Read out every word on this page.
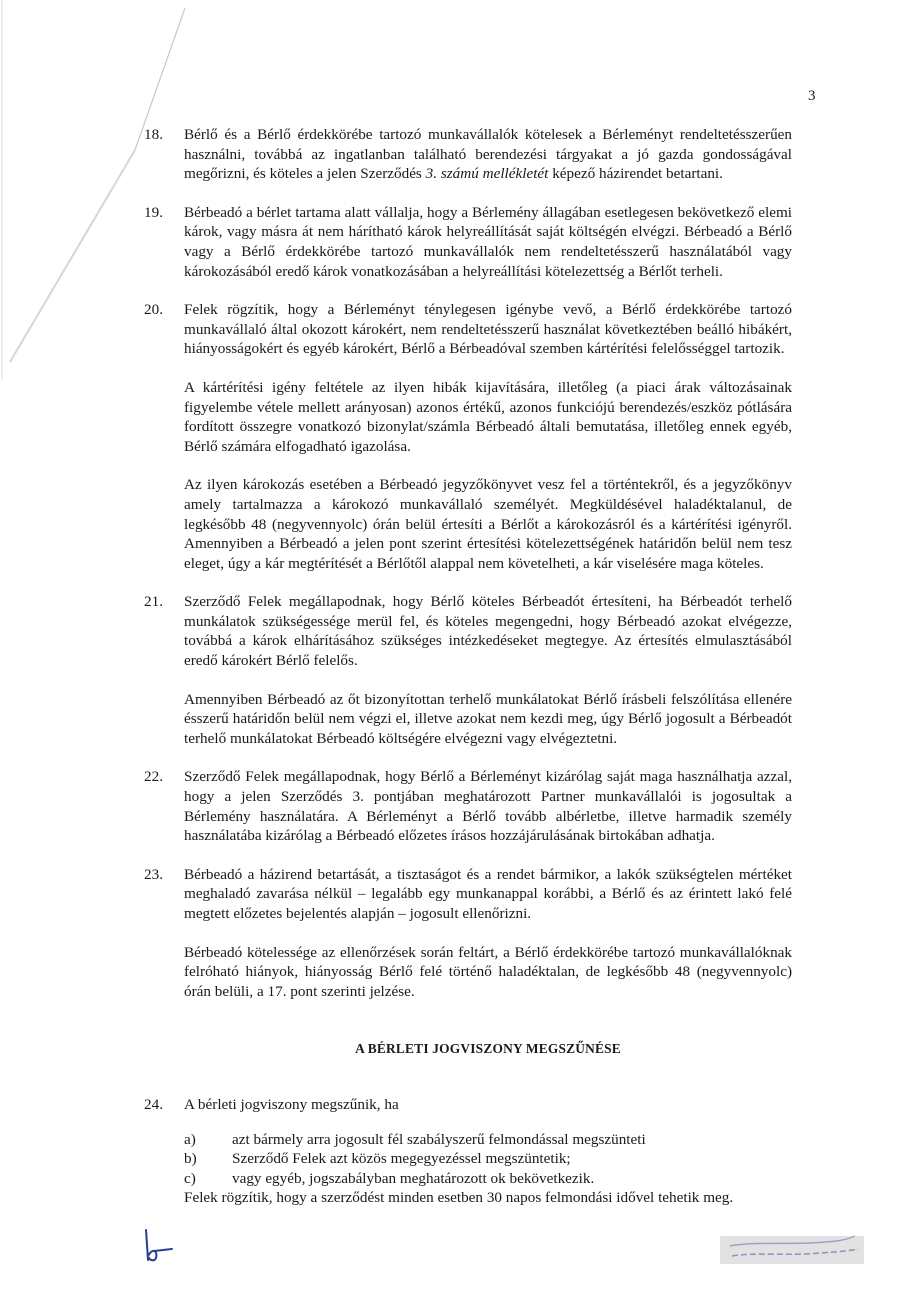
3
18.	Bérlő és a Bérlő érdekkörébe tartozó munkavállalók kötelesek a Bérleményt rendeltetésszerűen használni, továbbá az ingatlanban található berendezési tárgyakat a jó gazda gondosságával megőrizni, és köteles a jelen Szerződés 3. számú mellékletét képező házirendet betartani.

19.	Bérbeadó a bérlet tartama alatt vállalja, hogy a Bérlemény állagában esetlegesen bekövetkező elemi károk, vagy másra át nem hárítható károk helyreállítását saját költségén elvégzi. Bérbeadó a Bérlő vagy a Bérlő érdekkörébe tartozó munkavállalók nem rendeltetésszerű használatából vagy károkozásából eredő károk vonatkozásában a helyreállítási kötelezettség a Bérlőt terheli.

20.	Felek rögzítik, hogy a Bérleményt ténylegesen igénybe vevő, a Bérlő érdekkörébe tartozó munkavállaló által okozott károkért, nem rendeltetésszerű használat következtében beálló hibákért, hiányosságokért és egyéb károkért, Bérlő a Bérbeadóval szemben kártérítési felelősséggel tartozik.

A kártérítési igény feltétele az ilyen hibák kijavítására, illetőleg (a piaci árak változásainak figyelembe vétele mellett arányosan) azonos értékű, azonos funkciójú berendezés/eszköz pótlására fordított összegre vonatkozó bizonylat/számla Bérbeadó általi bemutatása, illetőleg ennek egyéb, Bérlő számára elfogadható igazolása.

Az ilyen károkozás esetében a Bérbeadó jegyzőkönyvet vesz fel a történtekről, és a jegyzőkönyv amely tartalmazza a károkozó munkavállaló személyét. Megküldésével haladéktalanul, de legkésőbb 48 (negyvennyolc) órán belül értesíti a Bérlőt a károkozásról és a kártérítési igényről. Amennyiben a Bérbeadó a jelen pont szerint értesítési kötelezettségének határidőn belül nem tesz eleget, úgy a kár megtérítését a Bérlőtől alappal nem követelheti, a kár viselésére maga köteles.

21.	Szerződő Felek megállapodnak, hogy Bérlő köteles Bérbeadót értesíteni, ha Bérbeadót terhelő munkálatok szükségessége merül fel, és köteles megengedni, hogy Bérbeadó azokat elvégezze, továbbá a károk elhárításához szükséges intézkedéseket megtegye. Az értesítés elmulasztásából eredő károkért Bérlő felelős.

Amennyiben Bérbeadó az őt bizonyítottan terhelő munkálatokat Bérlő írásbeli felszólítása ellenére ésszerű határidőn belül nem végzi el, illetve azokat nem kezdi meg, úgy Bérlő jogosult a Bérbeadót terhelő munkálatokat Bérbeadó költségére elvégezni vagy elvégeztetni.

22.	Szerződő Felek megállapodnak, hogy Bérlő a Bérleményt kizárólag saját maga használhatja azzal, hogy a jelen Szerződés 3. pontjában meghatározott Partner munkavállalói is jogosultak a Bérlemény használatára. A Bérleményt a Bérlő tovább albérletbe, illetve harmadik személy használatába kizárólag a Bérbeadó előzetes írásos hozzájárulásának birtokában adhatja.

23.	Bérbeadó a házirend betartását, a tisztaságot és a rendet bármikor, a lakók szükségtelen mértéket meghaladó zavarása nélkül – legalább egy munkanappal korábbi, a Bérlő és az érintett lakó felé megtett előzetes bejelentés alapján – jogosult ellenőrizni.

Bérbeadó kötelessége az ellenőrzések során feltárt, a Bérlő érdekkörébe tartozó munkavállalóknak felróható hiányok, hiányosság Bérlő felé történő haladéktalan, de legkésőbb 48 (negyvennyolc) órán belüli, a 17. pont szerinti jelzése.

A BÉRLETI JOGVISZONY MEGSZŰNÉSE
24.	A bérleti jogviszony megszűnik, ha
a)	azt bármely arra jogosult fél szabályszerű felmondással megszünteti
b)	Szerződő Felek azt közös megegyezéssel megszüntetik;
c)	vagy egyéb, jogszabályban meghatározott ok bekövetkezik.
Felek rögzítik, hogy a szerződést minden esetben 30 napos felmondási idővel tehetik meg.
